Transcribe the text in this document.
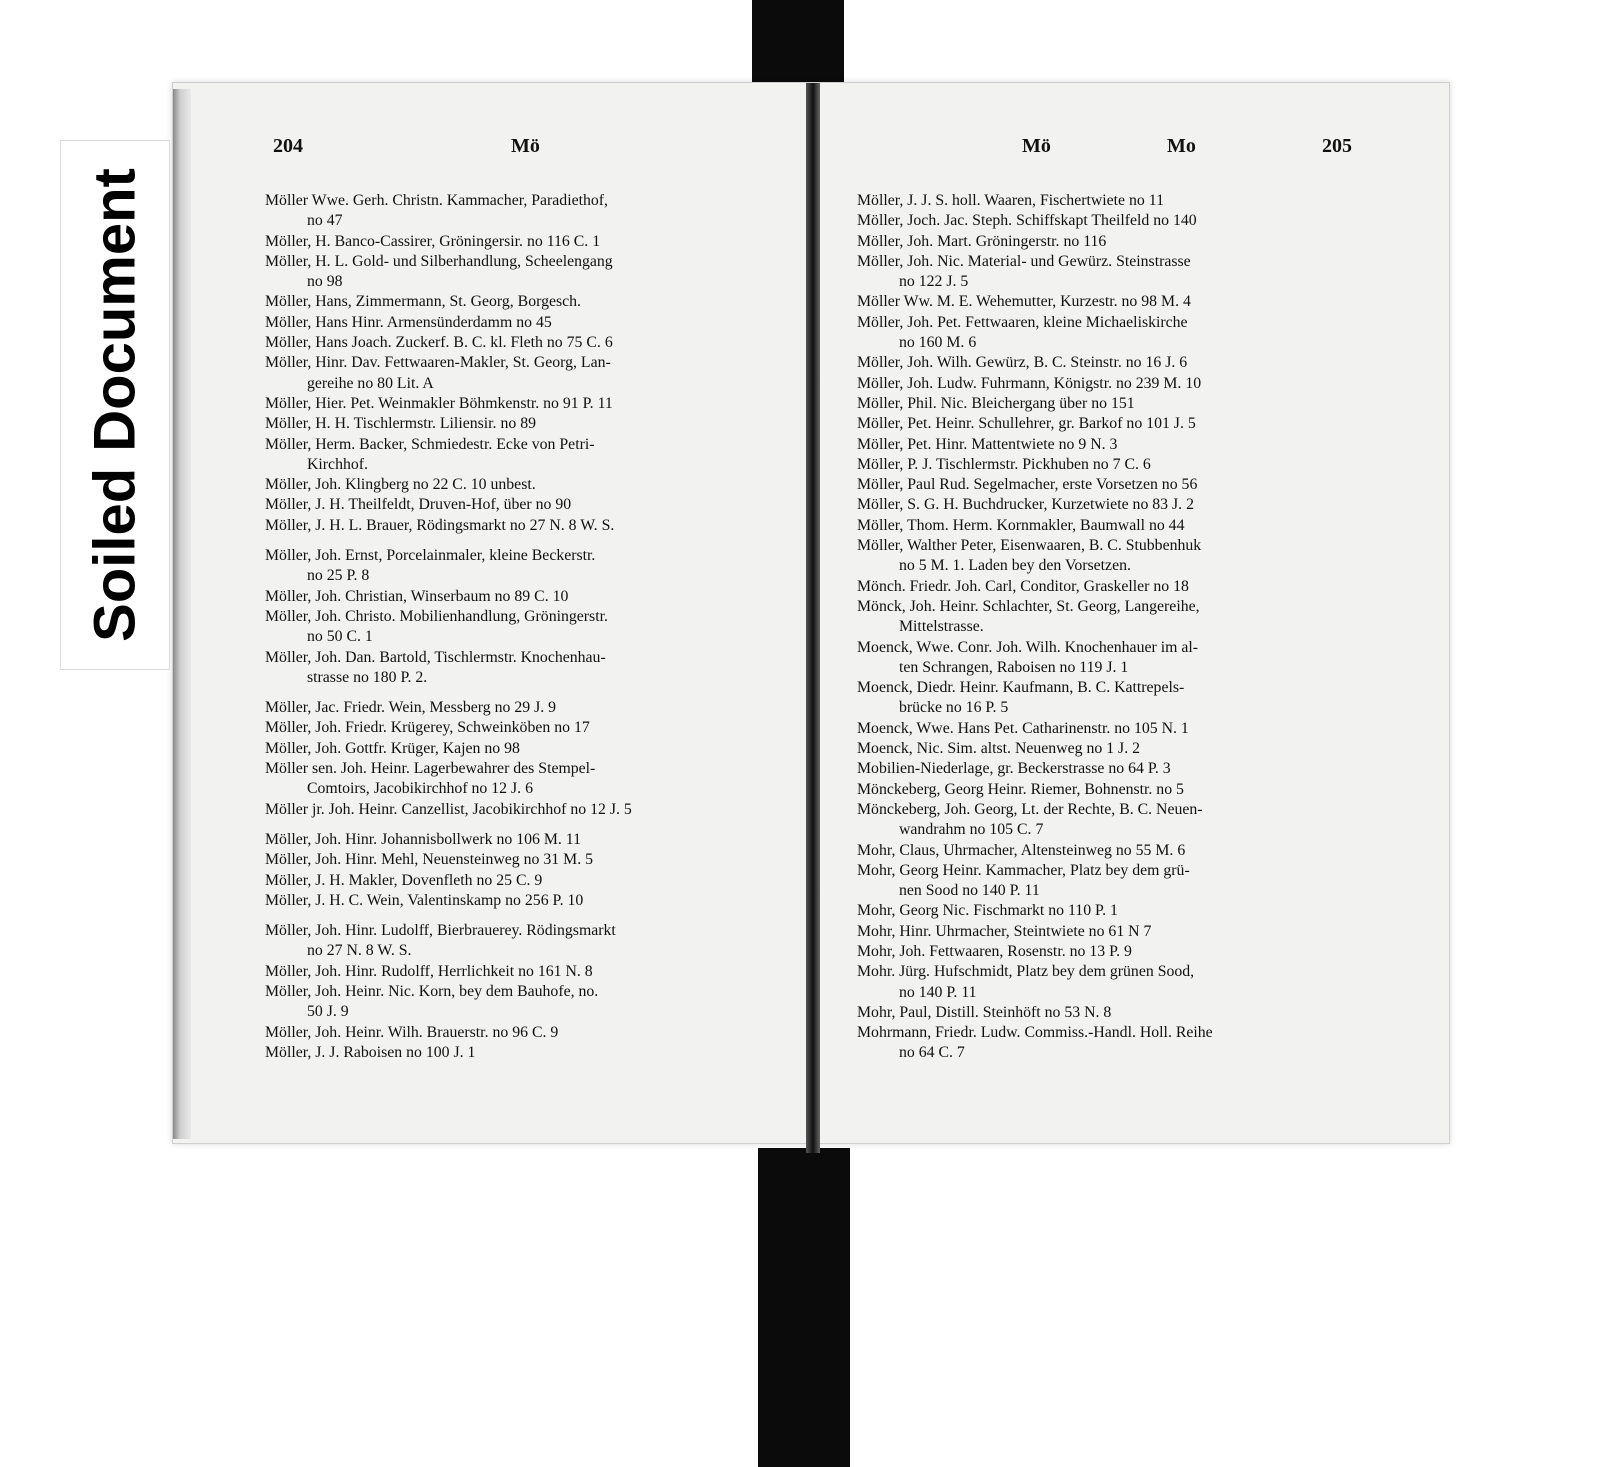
204	Mö
Möller Wwe. Gerh. Christn. Kammacher, Paradiethof,
no 47
Möller, H. Banco-Cassirer, Gröningersir. no 116 C. 1
Möller, H. L. Gold- und Silberhandlung, Scheelengang
no 98
Möller, Hans, Zimmermann, St. Georg, Borgesch.
Möller, Hans Hinr. Armensünderdamm no 45
Möller, Hans Joach. Zuckerf. B. C. kl. Fleth no 75 C. 6
Möller, Hinr. Dav. Fettwaaren-Makler, St. Georg, Lan-
gereihe no 80 Lit. A
Möller, Hier. Pet. Weinmakler Böhmkenstr. no 91 P. 11
Möller, H. H. Tischlermstr. Liliensir. no 89
Möller, Herm. Backer, Schmiedestr. Ecke von Petri-
Kirchhof.
Möller, Joh. Klingberg no 22 C. 10 unbest.
Möller, J. H. Theilfeldt, Druven-Hof, über no 90
Möller, J. H. L. Brauer, Rödingsmarkt no 27 N. 8 W. S.
Möller, Joh. Ernst, Porcelainmaler, kleine Beckerstr.
no 25 P. 8
Möller, Joh. Christian, Winserbaum no 89 C. 10
Möller, Joh. Christo. Mobilienhandlung, Gröningerstr.
no 50 C. 1
Möller, Joh. Dan. Bartold, Tischlermstr. Knochenhau-
strasse no 180 P. 2.
Möller, Jac. Friedr. Wein, Messberg no 29 J. 9
Möller, Joh. Friedr. Krügerey, Schweinköben no 17
Möller, Joh. Gottfr. Krüger, Kajen no 98
Möller sen. Joh. Heinr. Lagerbewahrer des Stempel-
Comtoirs, Jacobikirchhof no 12 J. 6
Möller jr. Joh. Heinr. Canzellist, Jacobikirchhof no 12 J. 5
Möller, Joh. Hinr. Johannisbollwerk no 106 M. 11
Möller, Joh. Hinr. Mehl, Neuensteinweg no 31 M. 5
Möller, J. H. Makler, Dovenfleth no 25 C. 9
Möller, J. H. C. Wein, Valentinskamp no 256 P. 10
Möller, Joh. Hinr. Ludolff, Bierbrauerey. Rödingsmarkt
no 27 N. 8 W. S.
Möller, Joh. Hinr. Rudolff, Herrlichkeit no 161 N. 8
Möller, Joh. Heinr. Nic. Korn, bey dem Bauhofe, no.
50 J. 9
Möller, Joh. Heinr. Wilh. Brauerstr. no 96 C. 9
Möller, J. J. Raboisen no 100 J. 1
Mö	Mo	205
Möller, J. J. S. holl. Waaren, Fischertwiete no 11
Möller, Joch. Jac. Steph. Schiffskapt Theilfeld no 140
Möller, Joh. Mart. Gröningerstr. no 116
Möller, Joh. Nic. Material- und Gewürz. Steinstrasse
no 122 J. 5
Möller Ww. M. E. Wehemutter, Kurzestr. no 98 M. 4
Möller, Joh. Pet. Fettwaaren, kleine Michaeliskirche
no 160 M. 6
Möller, Joh. Wilh. Gewürz, B. C. Steinstr. no 16 J. 6
Möller, Joh. Ludw. Fuhrmann, Königstr. no 239 M. 10
Möller, Phil. Nic. Bleichergang über no 151
Möller, Pet. Heinr. Schullehrer, gr. Barkof no 101 J. 5
Möller, Pet. Hinr. Mattentwiete no 9 N. 3
Möller, P. J. Tischlermstr. Pickhuben no 7 C. 6
Möller, Paul Rud. Segelmacher, erste Vorsetzen no 56
Möller, S. G. H. Buchdrucker, Kurzetwiete no 83 J. 2
Möller, Thom. Herm. Kornmakler, Baumwall no 44
Möller, Walther Peter, Eisenwaaren, B. C. Stubbenhuk
no 5 M. 1. Laden bey den Vorsetzen.
Mönch. Friedr. Joh. Carl, Conditor, Graskeller no 18
Mönck, Joh. Heinr. Schlachter, St. Georg, Langereihe,
Mittelstrasse.
Moenck, Wwe. Conr. Joh. Wilh. Knochenhauer im al-
ten Schrangen, Raboisen no 119 J. 1
Moenck, Diedr. Heinr. Kaufmann, B. C. Kattrepels-
brücke no 16 P. 5
Moenck, Wwe. Hans Pet. Catharinenstr. no 105 N. 1
Moenck, Nic. Sim. altst. Neuenweg no 1 J. 2
Mobilien-Niederlage, gr. Beckerstrasse no 64 P. 3
Mönckeberg, Georg Heinr. Riemer, Bohnenstr. no 5
Mönckeberg, Joh. Georg, Lt. der Rechte, B. C. Neuen-
wandrahm no 105 C. 7
Mohr, Claus, Uhrmacher, Altensteinweg no 55 M. 6
Mohr, Georg Heinr. Kammacher, Platz bey dem grü-
nen Sood no 140 P. 11
Mohr, Georg Nic. Fischmarkt no 110 P. 1
Mohr, Hinr. Uhrmacher, Steintwiete no 61 N 7
Mohr, Joh. Fettwaaren, Rosenstr. no 13 P. 9
Mohr. Jürg. Hufschmidt, Platz bey dem grünen Sood,
no 140 P. 11
Mohr, Paul, Distill. Steinhöft no 53 N. 8
Mohrmann, Friedr. Ludw. Commiss.-Handl. Holl. Reihe
no 64 C. 7
Soiled Document
